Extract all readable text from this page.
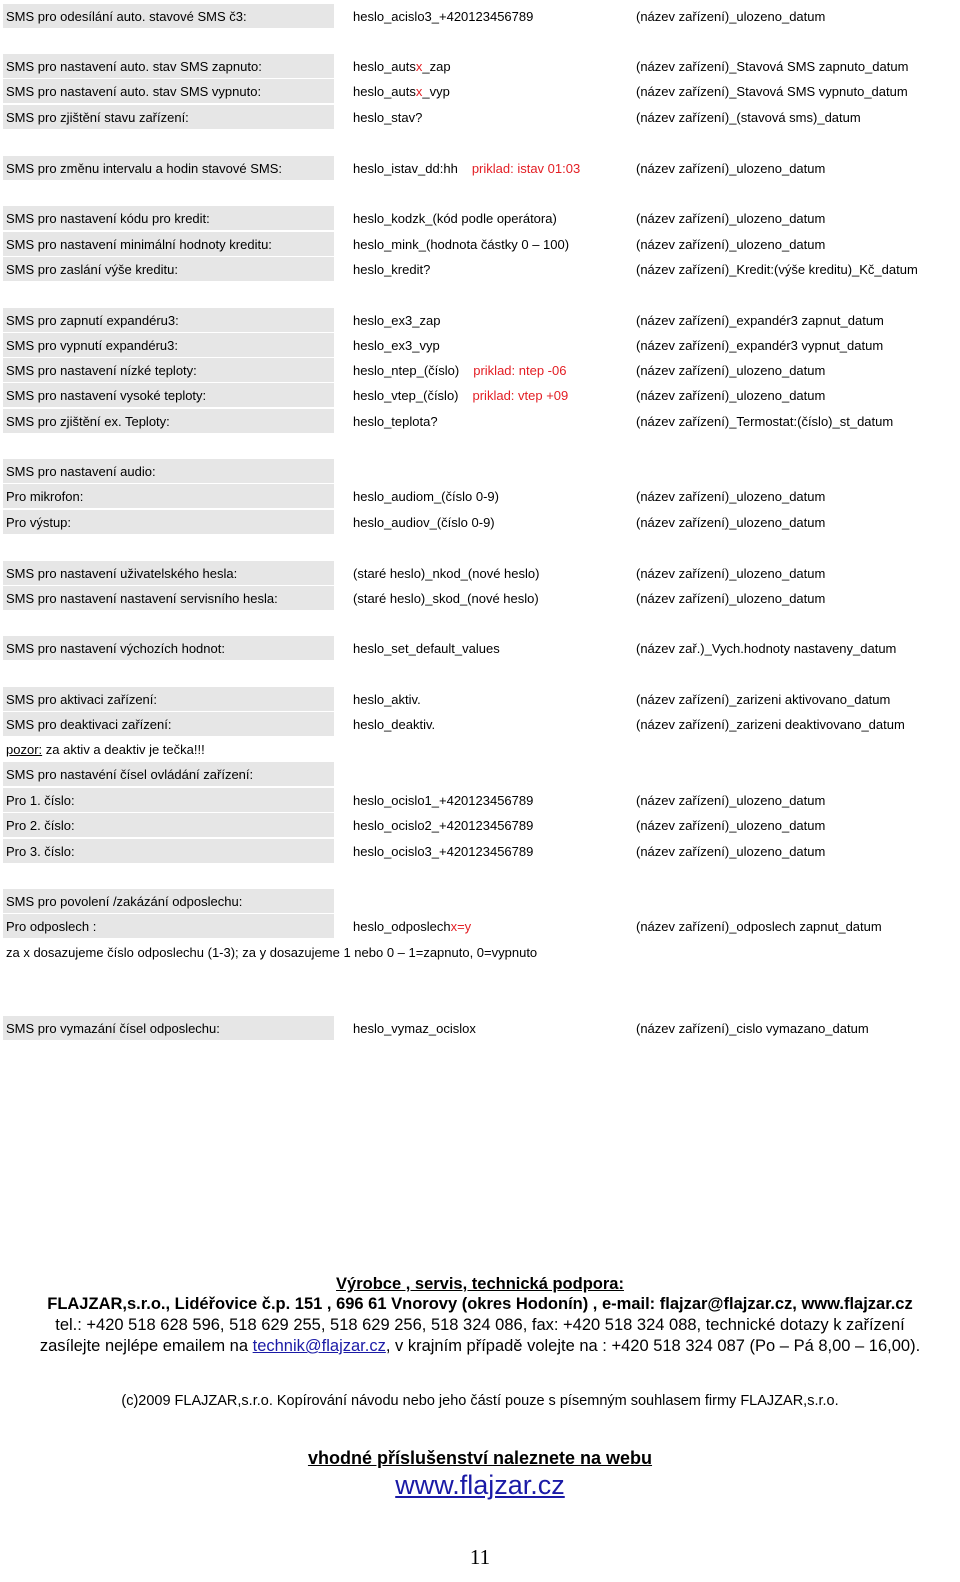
SMS pro odesílání auto. stavové SMS č3:	heslo_acislo3_+420123456789	(název zařízení)_ulozeno_datum
SMS pro nastavení auto. stav SMS zapnuto:	heslo_autsx_zap	(název zařízení)_Stavová SMS zapnuto_datum
SMS pro nastavení auto. stav SMS vypnuto:	heslo_autsx_vyp	(název zařízení)_Stavová SMS vypnuto_datum
SMS pro zjištění stavu zařízení:	heslo_stav?	(název zařízení)_(stavová sms)_datum
SMS pro změnu intervalu a hodin stavové SMS:	heslo_istav_dd:hh priklad: istav 01:03	(název zařízení)_ulozeno_datum
SMS pro nastavení kódu pro kredit:	heslo_kodzk_(kód podle operátora)	(název zařízení)_ulozeno_datum
SMS pro nastavení minimální hodnoty kreditu:	heslo_mink_(hodnota částky 0 – 100)	(název zařízení)_ulozeno_datum
SMS pro zaslání výše kreditu:	heslo_kredit?	(název zařízení)_Kredit:(výše kreditu)_Kč_datum
SMS pro zapnutí expandéru3:	heslo_ex3_zap	(název zařízení)_expandér3 zapnut_datum
SMS pro vypnutí expandéru3:	heslo_ex3_vyp	(název zařízení)_expandér3 vypnut_datum
SMS pro nastavení nízké teploty:	heslo_ntep_(číslo) priklad: ntep -06	(název zařízení)_ulozeno_datum
SMS pro nastavení vysoké teploty:	heslo_vtep_(číslo) priklad: vtep +09	(název zařízení)_ulozeno_datum
SMS pro zjištění ex. Teploty:	heslo_teplota?	(název zařízení)_Termostat:(číslo)_st_datum
SMS pro nastavení audio:
Pro mikrofon:	heslo_audiom_(číslo 0-9)	(název zařízení)_ulozeno_datum
Pro výstup:	heslo_audiov_(číslo 0-9)	(název zařízení)_ulozeno_datum
SMS pro nastavení uživatelského hesla:	(staré heslo)_nkod_(nové heslo)	(název zařízení)_ulozeno_datum
SMS pro nastavení nastavení servisního hesla:	(staré heslo)_skod_(nové heslo)	(název zařízení)_ulozeno_datum
SMS pro nastavení výchozích hodnot:	heslo_set_default_values	(název zař.)_Vych.hodnoty nastaveny_datum
SMS pro aktivaci zařízení:	heslo_aktiv.	(název zařízení)_zarizeni aktivovano_datum
SMS pro deaktivaci zařízení:	heslo_deaktiv.	(název zařízení)_zarizeni deaktivovano_datum
pozor: za aktiv a deaktiv je tečka!!!
SMS pro nastavéní čísel ovládání zařízení:
Pro 1. číslo:	heslo_ocislo1_+420123456789	(název zařízení)_ulozeno_datum
Pro 2. číslo:	heslo_ocislo2_+420123456789	(název zařízení)_ulozeno_datum
Pro 3. číslo:	heslo_ocislo3_+420123456789	(název zařízení)_ulozeno_datum
SMS pro povolení /zakázání odposlechu:
Pro odposlech :	heslo_odposlechx=y	(název zařízení)_odposlech zapnut_datum
za x dosazujeme číslo odposlechu (1-3); za y dosazujeme 1 nebo 0 – 1=zapnuto, 0=vypnuto
SMS pro vymazání čísel odposlechu:	heslo_vymaz_ocislox	(název zařízení)_cislo vymazano_datum
Výrobce , servis, technická podpora:
FLAJZAR,s.r.o., Lidéřovice č.p. 151 , 696 61 Vnorovy (okres Hodonín) , e-mail: flajzar@flajzar.cz, www.flajzar.cz
tel.: +420 518 628 596, 518 629 255, 518 629 256, 518 324 086, fax: +420 518 324 088, technické dotazy k zařízení
zasílejte nejlépe emailem na technik@flajzar.cz, v krajním případě volejte na : +420 518 324 087 (Po – Pá 8,00 – 16,00).
(c)2009 FLAJZAR,s.r.o. Kopírování návodu nebo jeho částí pouze s písemným souhlasem firmy FLAJZAR,s.r.o.
vhodné příslušenství naleznete na webu
www.flajzar.cz
11
